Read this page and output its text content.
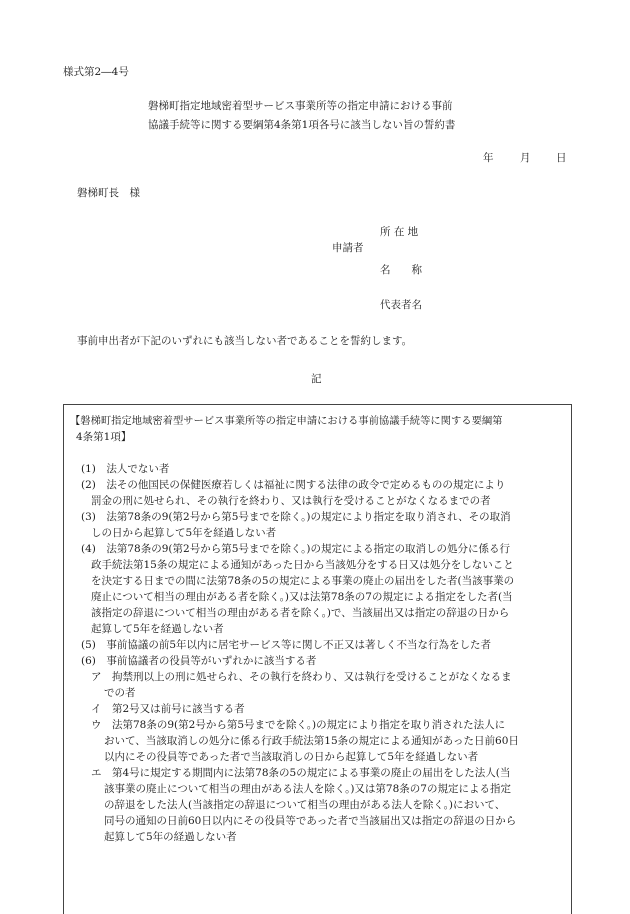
様式第2―4号
磐梯町指定地域密着型サービス事業所等の指定申請における事前
協議手続等に関する要綱第4条第1項各号に該当しない旨の誓約書
年	月 日
磐梯町長　様
所 在 地
申請者
名　　称
代表者名
事前申出者が下記のいずれにも該当しない者であることを誓約します。
記
【磐梯町指定地域密着型サービス事業所等の指定申請における事前協議手続等に関する要綱第
4条第1項】
(1)　法人でない者
(2)　法その他国民の保健医療若しくは福祉に関する法律の政令で定めるものの規定により
罰金の刑に処せられ、その執行を終わり、又は執行を受けることがなくなるまでの者
(3)　法第78条の9(第2号から第5号までを除く。)の規定により指定を取り消され、その取消
しの日から起算して5年を経過しない者
(4)　法第78条の9(第2号から第5号までを除く。)の規定による指定の取消しの処分に係る行
政手続法第15条の規定による通知があった日から当該処分をする日又は処分をしないこと
を決定する日までの間に法第78条の5の規定による事業の廃止の届出をした者(当該事業の
廃止について相当の理由がある者を除く。)又は法第78条の7の規定による指定をした者(当
該指定の辞退について相当の理由がある者を除く。)で、当該届出又は指定の辞退の日から
起算して5年を経過しない者
(5)　事前協議の前5年以内に居宅サービス等に関し不正又は著しく不当な行為をした者
(6)　事前協議者の役員等がいずれかに該当する者
ア　拘禁刑以上の刑に処せられ、その執行を終わり、又は執行を受けることがなくなるま
での者
イ　第2号又は前号に該当する者
ウ　法第78条の9(第2号から第5号までを除く。)の規定により指定を取り消された法人に
おいて、当該取消しの処分に係る行政手続法第15条の規定による通知があった日前60日
以内にその役員等であった者で当該取消しの日から起算して5年を経過しない者
エ　第4号に規定する期間内に法第78条の5の規定による事業の廃止の届出をした法人(当
該事業の廃止について相当の理由がある法人を除く。)又は第78条の7の規定による指定
の辞退をした法人(当該指定の辞退について相当の理由がある法人を除く。)において、
同号の通知の日前60日以内にその役員等であった者で当該届出又は指定の辞退の日から
起算して5年の経過しない者
